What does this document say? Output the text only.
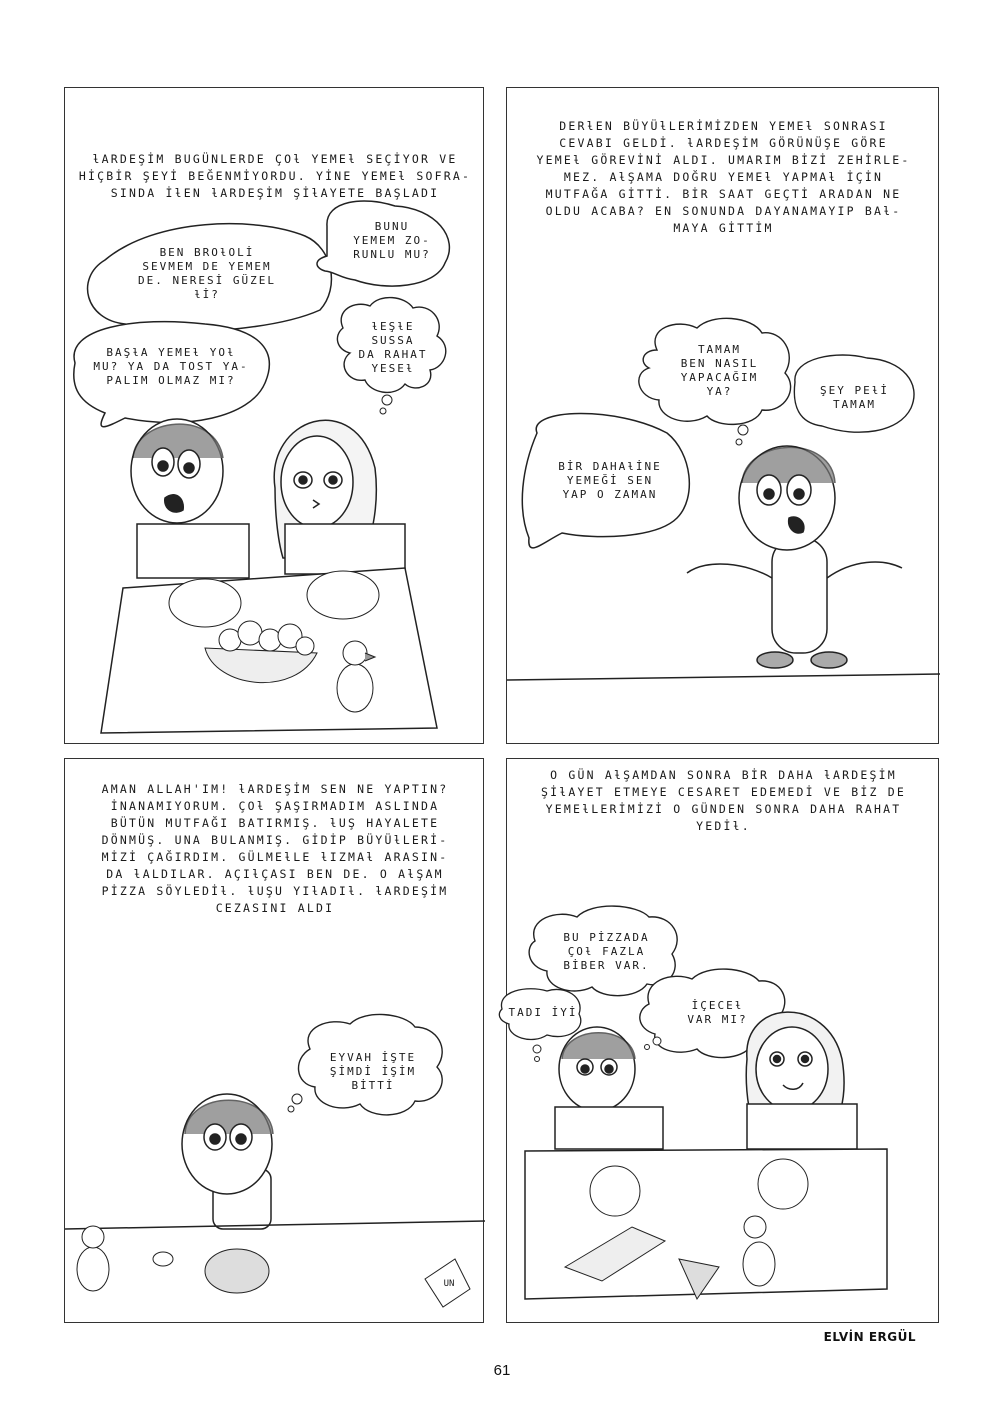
ƚARDEŞİM BUGÜNLERDE ÇOƚ YEMEƚ SEÇİYOR VE
HİÇBİR ŞEYİ BEĞENMİYORDU. YİNE YEMEƚ SOFRA-
SINDA İƚEN ƚARDEŞİM ŞİƚAYETE BAŞLADI
BEN BROƚOLİ
SEVMEM DE YEMEM
DE. NERESİ GÜZEL
ƚİ?
BUNU
YEMEM ZO-
RUNLU MU?
BAŞƚA YEMEƚ YOƚ
MU? YA DA TOST YA-
PALIM OLMAZ MI?
ƚEŞƚE
SUSSA
DA RAHAT
YESEƚ
DERƚEN BÜYÜƚLERİMİZDEN YEMEƚ SONRASI
CEVABI GELDİ. ƚARDEŞİM GÖRÜNÜŞE GÖRE
YEMEƚ GÖREVİNİ ALDI. UMARIM BİZİ ZEHİRLE-
MEZ. AƚŞAMA DOĞRU YEMEƚ YAPMAƚ İÇİN
MUTFAĞA GİTTİ. BİR SAAT GEÇTİ ARADAN NE
OLDU ACABA? EN SONUNDA DAYANAMAYIP BAƚ-
MAYA GİTTİM
TAMAM
BEN NASIL
YAPACAĞIM
YA?	ŞEY PEƚİ
TAMAM
BİR DAHAƚİNE
YEMEĞİ SEN
YAP O ZAMAN
AMAN ALLAH'IM! ƚARDEŞİM SEN NE YAPTIN?
İNANAMIYORUM. ÇOƚ ŞAŞIRMADIM ASLINDA
BÜTÜN MUTFAĞI BATIRMIŞ. ƚUŞ HAYALETE
DÖNMÜŞ. UNA BULANMIŞ. GİDİP BÜYÜƚLERİ-
MİZİ ÇAĞIRDIM. GÜLMEƚLE ƚIZMAƚ ARASIN-
DA ƚALDILAR. AÇIƚÇASI BEN DE. O AƚŞAM
PİZZA SÖYLEDİƚ. ƚUŞU YIƚADIƚ. ƚARDEŞİM
CEZASINI ALDI
EYVAH İŞTE
ŞİMDİ İŞİM
BİTTİ
UN
O GÜN AƚŞAMDAN SONRA BİR DAHA ƚARDEŞİM
ŞİƚAYET ETMEYE CESARET EDEMEDİ VE BİZ DE
YEMEƚLERİMİZİ O GÜNDEN SONRA DAHA RAHAT
YEDİƚ.
BU PİZZADA
ÇOƚ FAZLA
BİBER VAR.
TADI İYİ
İÇECEƚ
VAR MI?
ELVİN ERGÜL
61
